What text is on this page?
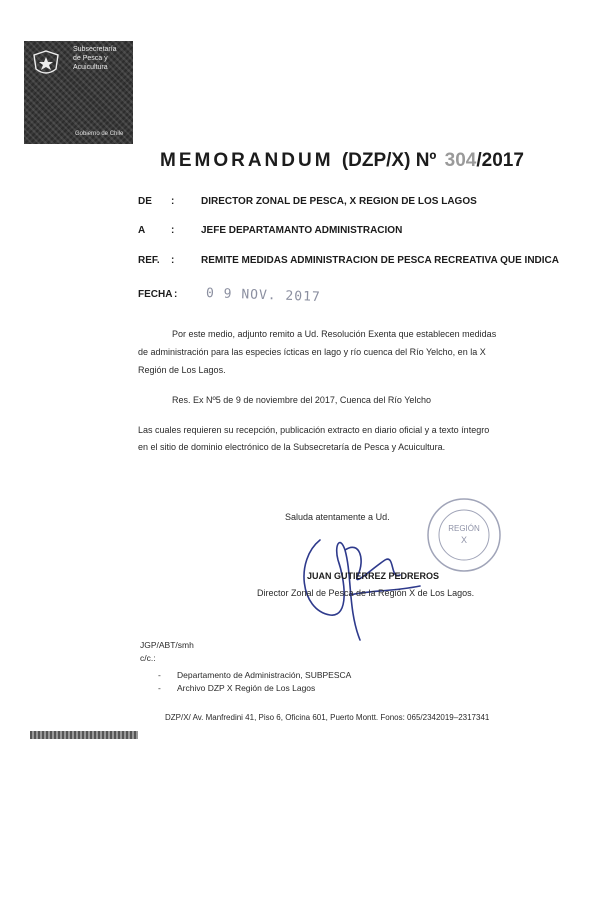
Subsecretaría
de Pesca y
Acuicultura
Gobierno de Chile
MEMORANDUM (DZP/X) Nº 304/2017
DE :	DIRECTOR ZONAL DE PESCA, X REGION DE LOS LAGOS
A	:	JEFE DEPARTAMANTO ADMINISTRACION
REF. :	REMITE MEDIDAS ADMINISTRACION DE PESCA RECREATIVA QUE INDICA
FECHA : 0 9 NOV. 2017
Por este medio, adjunto remito a Ud. Resolución Exenta que establecen medidas
de administración para las especies ícticas en lago y río cuenca del Río Yelcho, en la X
Región de Los Lagos.
Res. Ex Nº5 de 9 de noviembre del 2017, Cuenca del Río Yelcho
Las cuales requieren su recepción, publicación extracto en diario oficial y a texto íntegro
en el sitio de dominio electrónico de la Subsecretaría de Pesca y Acuicultura.
REGIÓN
X
Saluda atentamente a Ud.
JUAN GUTIERREZ PEDREROS
Director Zonal de Pesca de la Región X de Los Lagos.
JGP/ABT/smh
c/c.:
- Departamento de Administración, SUBPESCA
- Archivo DZP X Región de Los Lagos
DZP/X/ Av. Manfredini 41, Piso 6, Oficina 601, Puerto Montt. Fonos: 065/2342019–2317341
